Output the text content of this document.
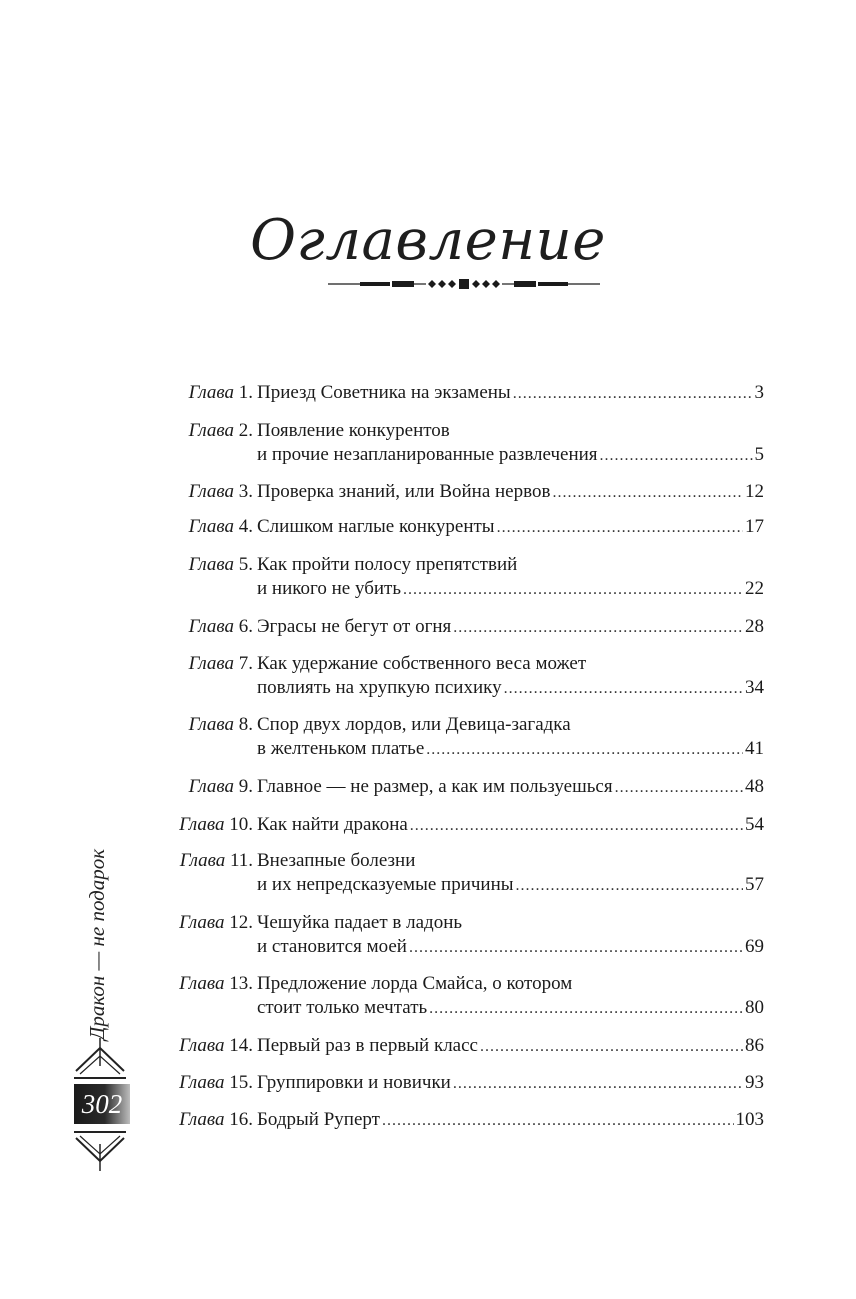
Оглавление
Глава 1. Приезд Советника на экзамены .....	3
Глава 2. Появление конкурентов
и прочие незапланированные развлечения .....	5
Глава 3. Проверка знаний, или Война нервов .....	12
Глава 4. Слишком наглые конкуренты .....	17
Глава 5. Как пройти полосу препятствий
и никого не убить .....	22
Глава 6. Эграсы не бегут от огня .....	28
Глава 7. Как удержание собственного веса может
повлиять на хрупкую психику .....	34
Глава 8. Спор двух лордов, или Девица-загадка
в желтеньком платье .....	41
Глава 9. Главное — не размер, а как им пользуешься .....	48
Глава 10. Как найти дракона .....	54
Глава 11. Внезапные болезни
и их непредсказуемые причины .....	57
Глава 12. Чешуйка падает в ладонь
и становится моей .....	69
Глава 13. Предложение лорда Смайса, о котором
стоит только мечтать .....	80
Глава 14. Первый раз в первый класс .....	86
Глава 15. Группировки и новички .....	93
Глава 16. Бодрый Руперт .....	103
Дракон — не подарок
302
